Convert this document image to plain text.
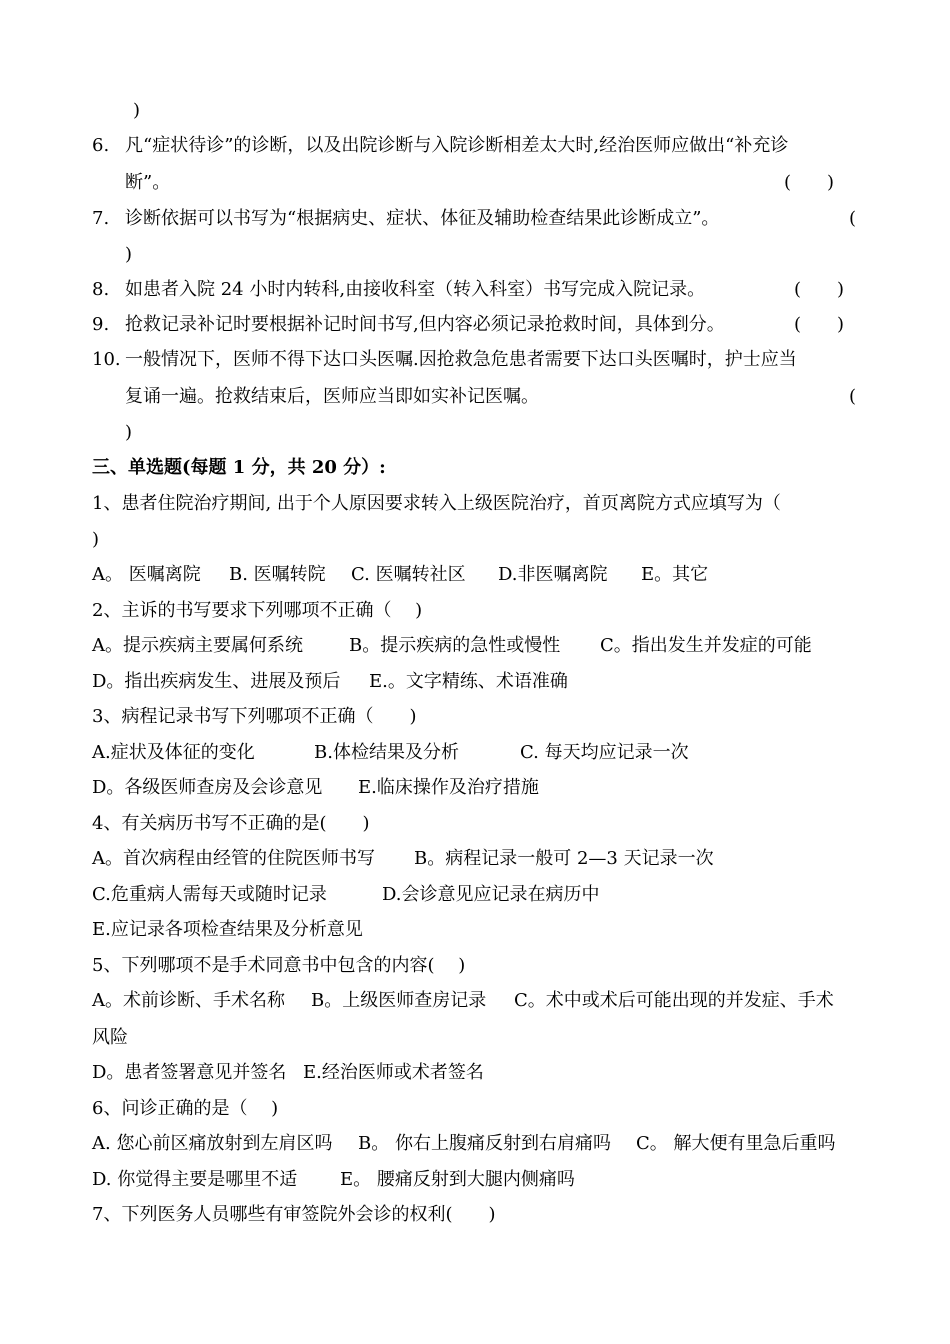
)
6. 凡“症状待诊”的诊断，以及出院诊断与入院诊断相差太大时,经治医师应做出“补充诊
断”。	(　　)
7. 诊断依据可以书写为“根据病史、症状、体征及辅助检查结果此诊断成立”。	(
)
8. 如患者入院 24 小时内转科,由接收科室（转入科室）书写完成入院记录。	(　　)
9. 抢救记录补记时要根据补记时间书写,但内容必须记录抢救时间，具体到分。	(　　)
10. 一般情况下，医师不得下达口头医嘱.因抢救急危患者需要下达口头医嘱时，护士应当
复诵一遍。抢救结束后，医师应当即如实补记医嘱。	(
)
三、单选题(每题 1 分，共 20 分）:
1、患者住院治疗期间, 出于个人原因要求转入上级医院治疗，首页离院方式应填写为（
)
A。 医嘱离院 B. 医嘱转院 C. 医嘱转社区 D.非医嘱离院 E。其它
2、主诉的书写要求下列哪项不正确（　 )
A。提示疾病主要属何系统	B。提示疾病的急性或慢性 C。指出发生并发症的可能
D。指出疾病发生、进展及预后 E.。文字精练、术语准确
3、病程记录书写下列哪项不正确（　　)
A.症状及体征的变化	B.体检结果及分析	C. 每天均应记录一次
D。各级医师查房及会诊意见 E.临床操作及治疗措施
4、有关病历书写不正确的是(　　)
A。首次病程由经管的住院医师书写 B。病程记录一般可 2—3 天记录一次
C.危重病人需每天或随时记录	D.会诊意见应记录在病历中
E.应记录各项检查结果及分析意见
5、下列哪项不是手术同意书中包含的内容(　 )
A。术前诊断、手术名称 B。上级医师查房记录 C。术中或术后可能出现的并发症、手术
风险
D。患者签署意见并签名 E.经治医师或术者签名
6、问诊正确的是（　 )
A. 您心前区痛放射到左肩区吗 B。 你右上腹痛反射到右肩痛吗 C。 解大便有里急后重吗
D. 你觉得主要是哪里不适 E。 腰痛反射到大腿内侧痛吗
7、下列医务人员哪些有审签院外会诊的权利(　　)
